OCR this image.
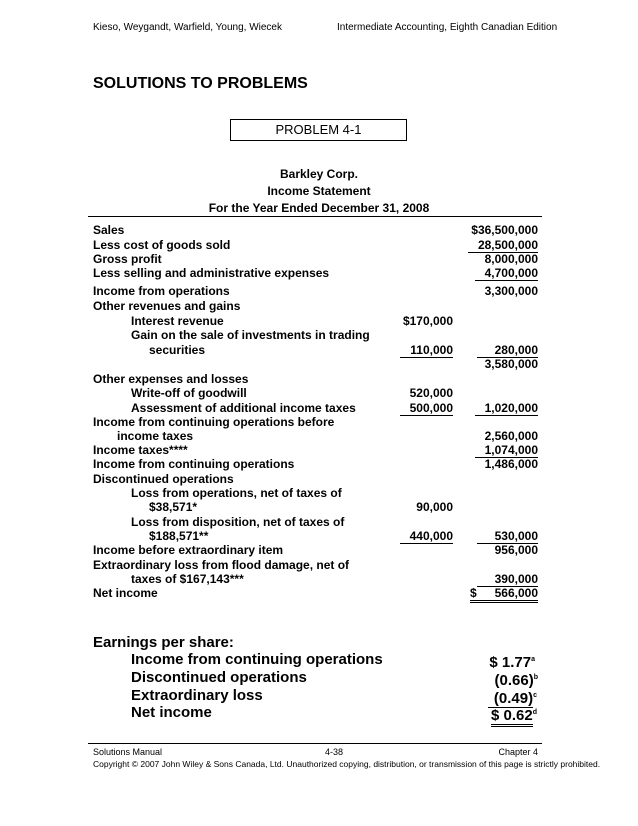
Kieso, Weygandt, Warfield, Young, Wiecek	Intermediate Accounting, Eighth Canadian Edition
SOLUTIONS TO PROBLEMS
PROBLEM 4-1
Barkley Corp.
Income Statement
For the Year Ended December 31, 2008
Sales	$36,500,000
Less cost of goods sold	28,500,000
Gross profit	8,000,000
Less selling and administrative expenses	4,700,000
Income from operations	3,300,000
Other revenues and gains
Interest revenue	$170,000
Gain on the sale of investments in trading
securities	110,000	280,000
3,580,000
Other expenses and losses
Write-off of goodwill	520,000
Assessment of additional income taxes	500,000	1,020,000
Income from continuing operations before
income taxes	2,560,000
Income taxes****	1,074,000
Income from continuing operations	1,486,000
Discontinued operations
Loss from operations, net of taxes of
$38,571*	90,000
Loss from disposition, net of taxes of
$188,571**	440,000	530,000
Income before extraordinary item	956,000
Extraordinary loss from flood damage, net of
taxes of $167,143***	390,000
Net income	$ 566,000
Earnings per share:
Income from continuing operations	$ 1.77$^a$
Discontinued operations	$(0.66)^b$
Extraordinary loss	$(0.49)^c$
Net income	$ 0.62$^d$
Solutions Manual	4-38	Chapter 4
Copyright © 2007 John Wiley & Sons Canada, Ltd. Unauthorized copying, distribution, or transmission of this page is strictly prohibited.
